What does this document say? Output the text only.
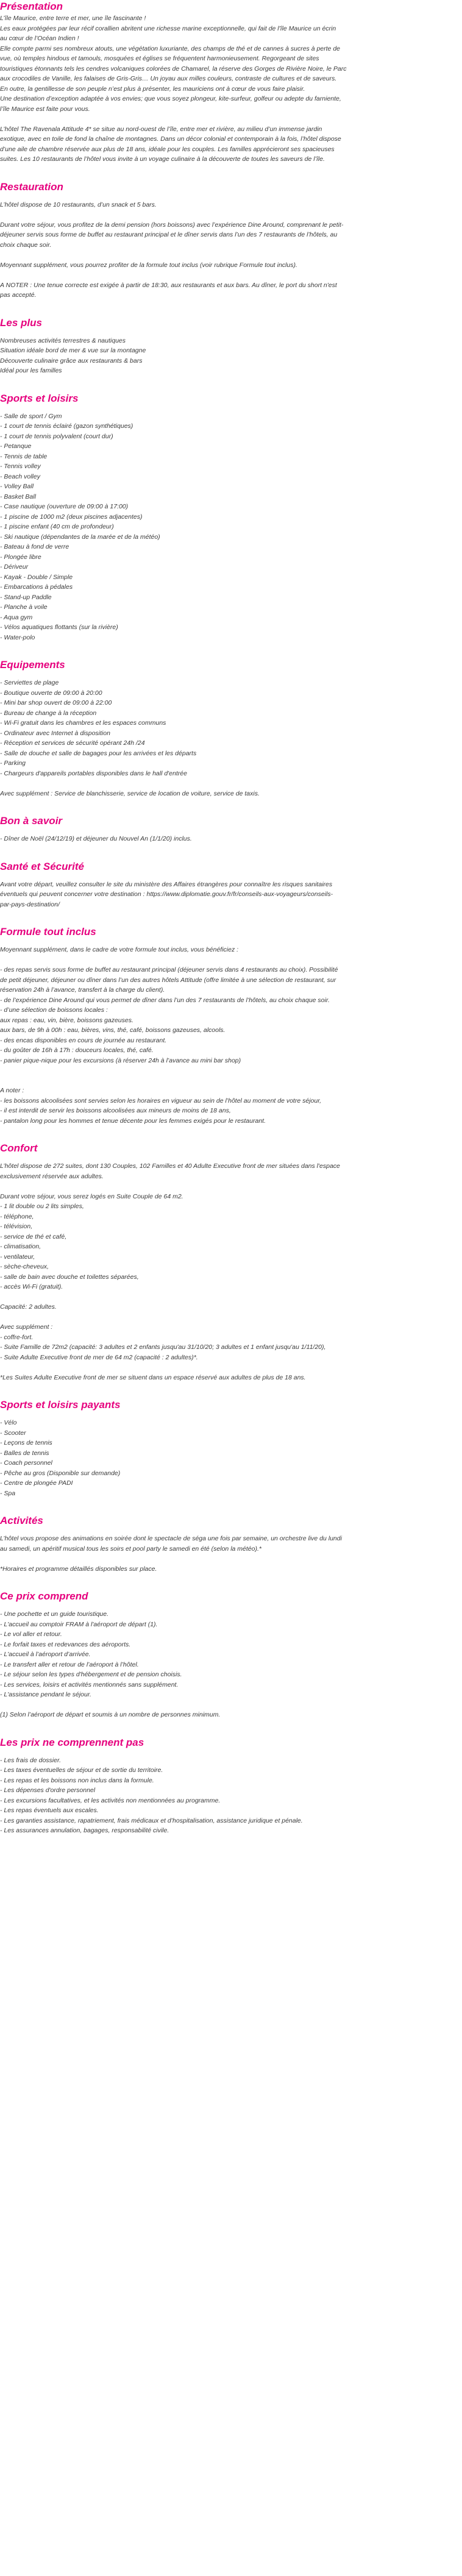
Présentation
L’île Maurice, entre terre et mer, une île fascinante !
Les eaux protégées par leur récif corallien abritent une richesse marine exceptionnelle, qui fait de l'île Maurice un écrin
au cœur de l’Océan Indien !
Elle compte parmi ses nombreux atouts, une végétation luxuriante, des champs de thé et de cannes à sucres à perte de
vue, où temples hindous et tamouls, mosquées et églises se fréquentent harmonieusement. Regorgeant de sites
touristiques étonnants tels les cendres volcaniques colorées de Chamarel, la réserve des Gorges de Rivière Noire, le Parc
aux crocodiles de Vanille, les falaises de Gris-Gris… Un joyau aux milles couleurs, contraste de cultures et de saveurs.
En outre, la gentillesse de son peuple n’est plus à présenter, les mauriciens ont à cœur de vous faire plaisir.
Une destination d’exception adaptée à vos envies; que vous soyez plongeur, kite-surfeur, golfeur ou adepte du farniente,
l’île Maurice est faite pour vous.
L’hôtel The Ravenala Attitude 4* se situe au nord-ouest de l’île, entre mer et rivière, au milieu d’un immense jardin
exotique, avec en toile de fond la chaîne de montagnes. Dans un décor colonial et contemporain à la fois, l’hôtel dispose
d’une aile de chambre réservée aux plus de 18 ans, idéale pour les couples. Les familles apprécieront ses spacieuses
suites. Les 10 restaurants de l’hôtel vous invite à un voyage culinaire à la découverte de toutes les saveurs de l’île.
Restauration
L’hôtel dispose de 10 restaurants, d’un snack et 5 bars.
Durant votre séjour, vous profitez de la demi pension (hors boissons) avec l’expérience Dine Around, comprenant le petit-
déjeuner servis sous forme de buffet au restaurant principal et le dîner servis dans l’un des 7 restaurants de l’hôtels, au
choix chaque soir.
Moyennant supplément, vous pourrez profiter de la formule tout inclus (voir rubrique Formule tout inclus).
A NOTER : Une tenue correcte est exigée à partir de 18:30, aux restaurants et aux bars. Au dîner, le port du short n'est
pas accepté.
Les plus
Nombreuses activités terrestres & nautiques
Situation idéale bord de mer & vue sur la montagne
Découverte culinaire grâce aux restaurants & bars
Idéal pour les familles
Sports et loisirs
- Salle de sport / Gym
- 1 court de tennis éclairé (gazon synthétiques)
- 1 court de tennis polyvalent (court dur)
- Petanque
- Tennis de table
- Tennis volley
- Beach volley
- Volley Ball
- Basket Ball
- Case nautique (ouverture de 09:00 à 17:00)
- 1 piscine de 1000 m2 (deux piscines adjacentes)
- 1 piscine enfant (40 cm de profondeur)
- Ski nautique (dépendantes de la marée et de la météo)
- Bateau à fond de verre
- Plongée libre
- Dériveur
- Kayak - Double / Simple
- Embarcations à pédales
- Stand-up Paddle
- Planche à voile
- Aqua gym
- Vélos aquatiques flottants (sur la rivière)
- Water-polo
Equipements
- Serviettes de plage
- Boutique ouverte de 09:00 à 20:00
- Mini bar shop ouvert de 09:00 à 22:00
- Bureau de change à la réception
- Wi-Fi gratuit dans les chambres et les espaces communs
- Ordinateur avec Internet à disposition
- Réception et services de sécurité opérant 24h /24
- Salle de douche et salle de bagages pour les arrivées et les départs
- Parking
- Chargeurs d'appareils portables disponibles dans le hall d'entrée
Avec supplément : Service de blanchisserie, service de location de voiture, service de taxis.
Bon à savoir
- Dîner de Noël (24/12/19) et déjeuner du Nouvel An (1/1/20) inclus.
Santé et Sécurité
Avant votre départ, veuillez consulter le site du ministère des Affaires étrangères pour connaître les risques sanitaires
éventuels qui peuvent concerner votre destination : https://www.diplomatie.gouv.fr/fr/conseils-aux-voyageurs/conseils-
par-pays-destination/
Formule tout inclus
Moyennant supplément, dans le cadre de votre formule tout inclus, vous bénéficiez :
- des repas servis sous forme de buffet au restaurant principal (déjeuner servis dans 4 restaurants au choix). Possibilité
de petit déjeuner, déjeuner ou dîner dans l’un des autres hôtels Attitude (offre limitée à une sélection de restaurant, sur
réservation 24h à l’avance, transfert à la charge du client).
- de l’expérience Dine Around qui vous permet de dîner dans l’un des 7 restaurants de l’hôtels, au choix chaque soir.
- d’une sélection de boissons locales :
aux repas : eau, vin, bière, boissons gazeuses.
aux bars, de 9h à 00h : eau, bières, vins, thé, café, boissons gazeuses, alcools.
- des encas disponibles en cours de journée au restaurant.
- du goûter de 16h à 17h : douceurs locales, thé, café.
- panier pique-nique pour les excursions (à réserver 24h à l’avance au mini bar shop)
A noter :
- les boissons alcoolisées sont servies selon les horaires en vigueur au sein de l’hôtel au moment de votre séjour,
- il est interdit de servir les boissons alcoolisées aux mineurs de moins de 18 ans,
- pantalon long pour les hommes et tenue décente pour les femmes exigés pour le restaurant.
Confort
L’hôtel dispose de 272 suites, dont 130 Couples, 102 Familles et 40 Adulte Executive front de mer situées dans l'espace
exclusivement réservée aux adultes.
Durant votre séjour, vous serez logés en Suite Couple de 64 m2.
- 1 lit double ou 2 lits simples,
- téléphone,
- télévision,
- service de thé et café,
- climatisation,
- ventilateur,
- sèche-cheveux,
- salle de bain avec douche et toilettes séparées,
- accès Wi-Fi (gratuit).
Capacité: 2 adultes.
Avec supplément :
- coffre-fort.
- Suite Famille de 72m2 (capacité: 3 adultes et 2 enfants jusqu'au 31/10/20; 3 adultes et 1 enfant jusqu'au 1/11/20),
- Suite Adulte Executive front de mer de 64 m2 (capacité : 2 adultes)*.
*Les Suites Adulte Executive front de mer se situent dans un espace réservé aux adultes de plus de 18 ans.
Sports et loisirs payants
- Vélo
- Scooter
- Leçons de tennis
- Balles de tennis
- Coach personnel
- Pêche au gros (Disponible sur demande)
- Centre de plongée PADI
- Spa
Activités
L’hôtel vous propose des animations en soirée dont le spectacle de séga une fois par semaine, un orchestre live du lundi
au samedi, un apéritif musical tous les soirs et pool party le samedi en été (selon la météo).*
*Horaires et programme détaillés disponibles sur place.
Ce prix comprend
- Une pochette et un guide touristique.
- L'accueil au comptoir FRAM à l'aéroport de départ (1).
- Le vol aller et retour.
- Le forfait taxes et redevances des aéroports.
- L'accueil à l’aéroport d’arrivée.
- Le transfert aller et retour de l’aéroport à l’hôtel.
- Le séjour selon les types d'hébergement et de pension choisis.
- Les services, loisirs et activités mentionnés sans supplément.
- L'assistance pendant le séjour.
(1) Selon l’aéroport de départ et soumis à un nombre de personnes minimum.
Les prix ne comprennent pas
- Les frais de dossier.
- Les taxes éventuelles de séjour et de sortie du territoire.
- Les repas et les boissons non inclus dans la formule.
- Les dépenses d'ordre personnel
- Les excursions facultatives, et les activités non mentionnées au programme.
- Les repas éventuels aux escales.
- Les garanties assistance, rapatriement, frais médicaux et d’hospitalisation, assistance juridique et pénale.
- Les assurances annulation, bagages, responsabilité civile.
